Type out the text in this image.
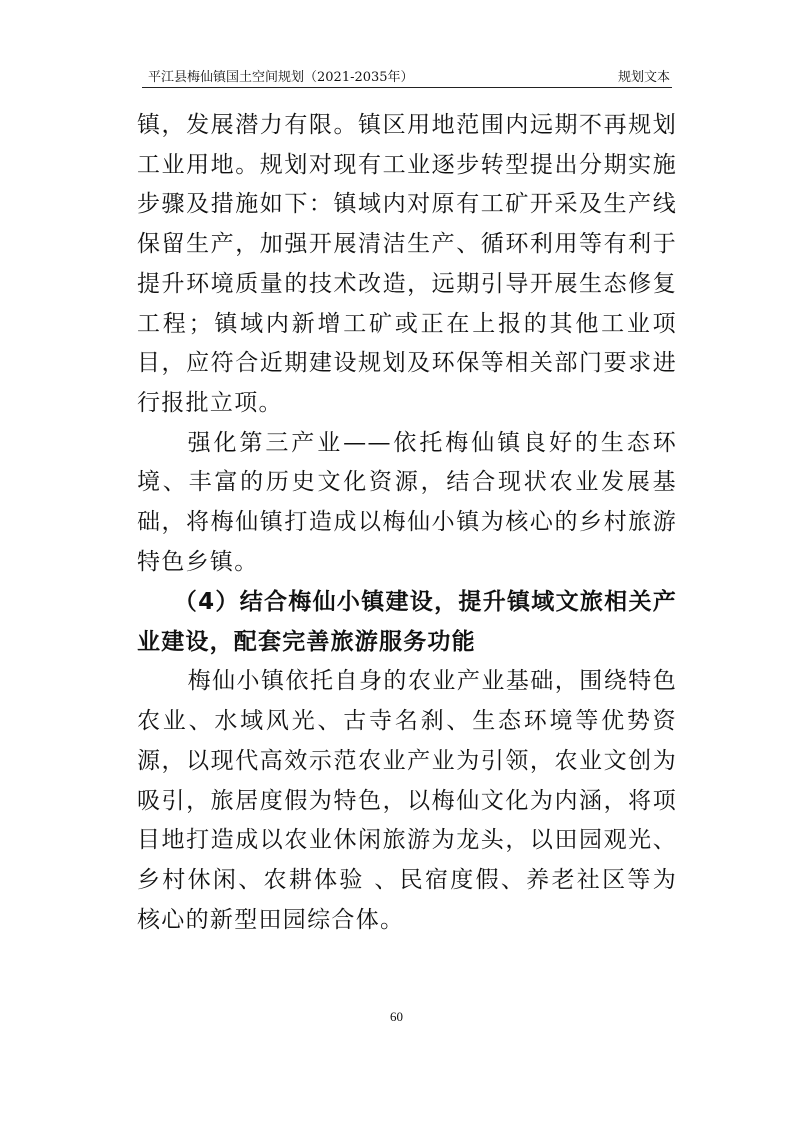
平江县梅仙镇国土空间规划（2021-2035年）	规划文本

镇，发展潜力有限。镇区用地范围内远期不再规划工业用地。规划对现有工业逐步转型提出分期实施步骤及措施如下：镇域内对原有工矿开采及生产线保留生产，加强开展清洁生产、循环利用等有利于提升环境质量的技术改造，远期引导开展生态修复工程；镇域内新增工矿或正在上报的其他工业项目，应符合近期建设规划及环保等相关部门要求进行报批立项。

强化第三产业——依托梅仙镇良好的生态环境、丰富的历史文化资源，结合现状农业发展基础，将梅仙镇打造成以梅仙小镇为核心的乡村旅游特色乡镇。

（4）结合梅仙小镇建设，提升镇域文旅相关产业建设，配套完善旅游服务功能

梅仙小镇依托自身的农业产业基础，围绕特色农业、水域风光、古寺名刹、生态环境等优势资源，以现代高效示范农业产业为引领，农业文创为吸引，旅居度假为特色，以梅仙文化为内涵，将项目地打造成以农业休闲旅游为龙头，以田园观光、乡村休闲、农耕体验 、民宿度假、养老社区等为核心的新型田园综合体。

60
